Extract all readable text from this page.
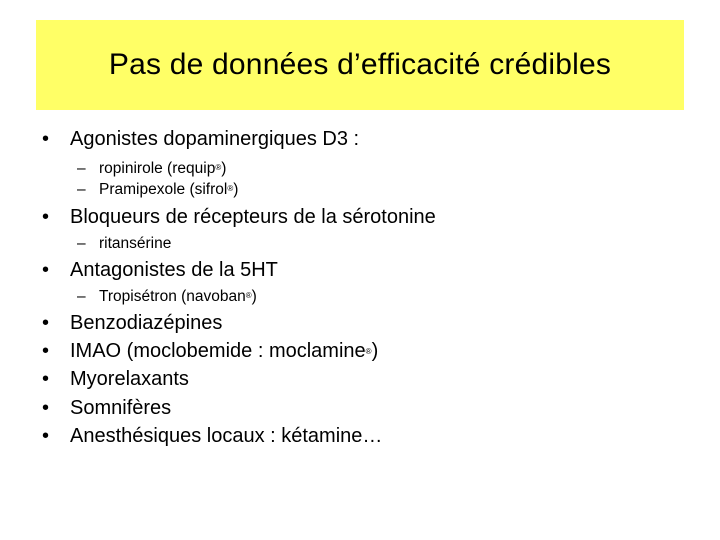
Pas de données d’efficacité crédibles
• Agonistes dopaminergiques D3 :
– ropinirole (requip®)
– Pramipexole (sifrol®)
• Bloqueurs de récepteurs de la sérotonine
– ritansérine
• Antagonistes de la 5HT
– Tropisétron (navoban®)
• Benzodiazépines
• IMAO (moclobemide : moclamine®)
• Myorelaxants
• Somnifères
• Anesthésiques locaux : kétamine…
